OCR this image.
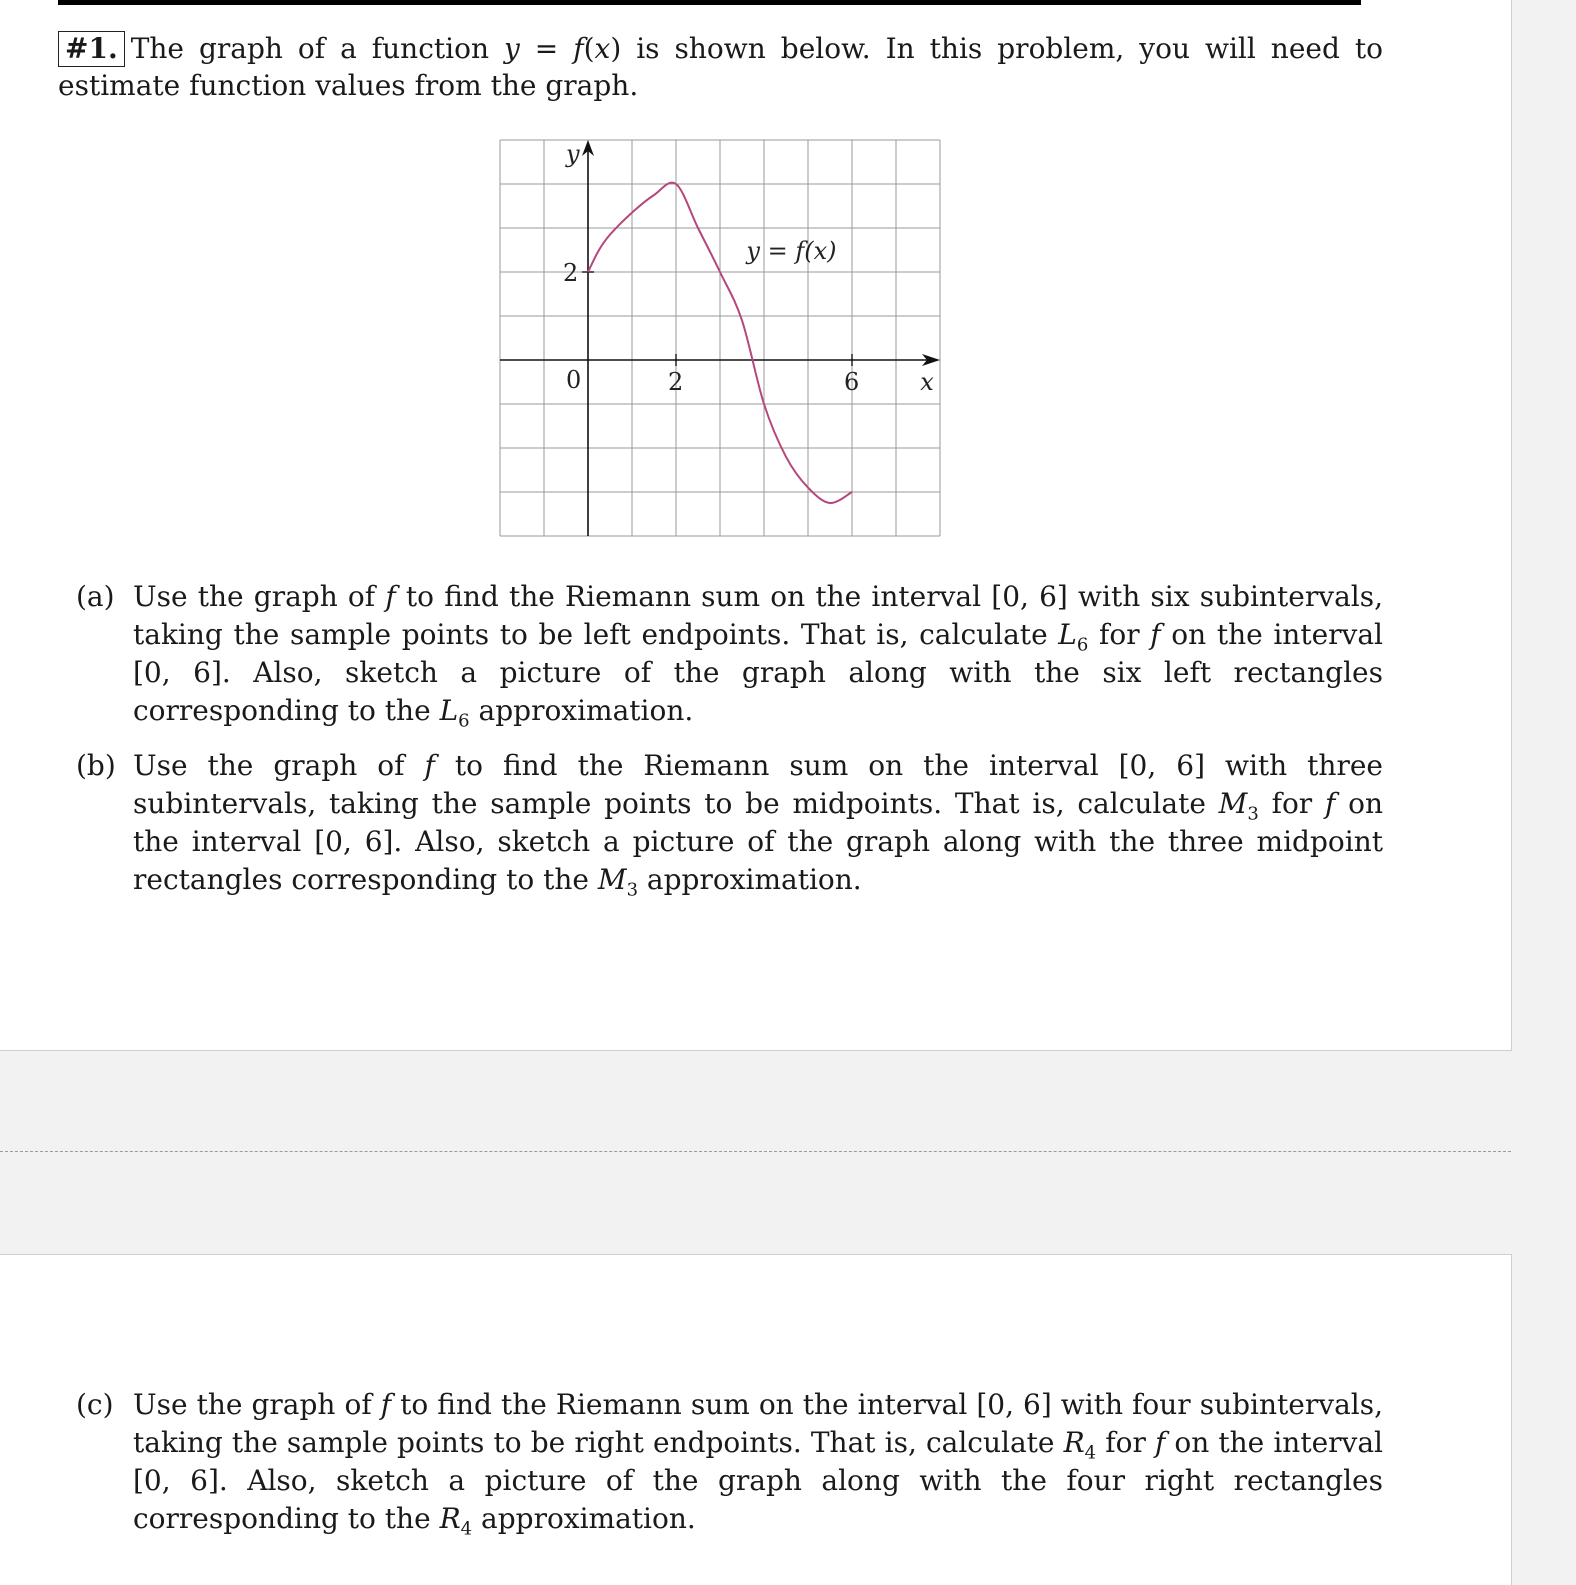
#1. The graph of a function y = f(x) is shown below. In this problem, you will need to estimate function values from the graph.

y
x
2
0	2	6
y = f(x)
(a) Use the graph of f to find the Riemann sum on the interval [0, 6] with six subintervals, taking the sample points to be left endpoints. That is, calculate $L_6$ for f on the interval [0, 6]. Also, sketch a picture of the graph along with the six left rectangles corresponding to the $L_6$ approximation.
(b) Use the graph of f to find the Riemann sum on the interval [0, 6] with three subintervals, taking the sample points to be midpoints. That is, calculate $M_3$ for f on the interval [0, 6]. Also, sketch a picture of the graph along with the three midpoint rectangles corresponding to the $M_3$ approximation.
(c) Use the graph of f to find the Riemann sum on the interval [0, 6] with four subintervals, taking the sample points to be right endpoints. That is, calculate $R_4$ for f on the interval [0, 6]. Also, sketch a picture of the graph along with the four right rectangles corresponding to the $R_4$ approximation.
